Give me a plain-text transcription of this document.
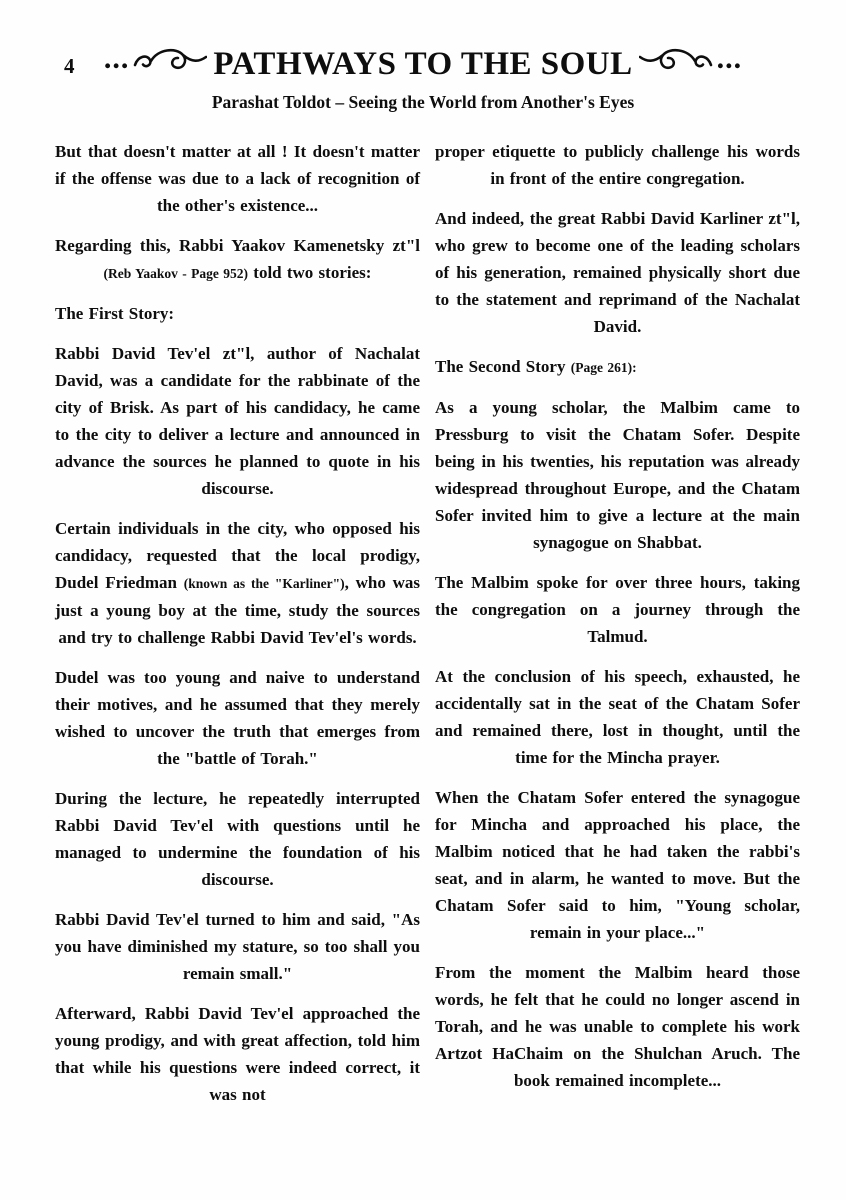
4 ...	PATHWAYS TO THE SOUL	...
Parashat Toldot – Seeing the World from Another's Eyes

But that doesn't matter at all ! It doesn't matter if the offense was due to a lack of recognition of the other's existence...

Regarding this, Rabbi Yaakov Kamenetsky zt"l (Reb Yaakov - Page 952) told two stories:

The First Story:

Rabbi David Tev'el zt"l, author of Nachalat David, was a candidate for the rabbinate of the city of Brisk. As part of his candidacy, he came to the city to deliver a lecture and announced in advance the sources he planned to quote in his discourse.

Certain individuals in the city, who opposed his candidacy, requested that the local prodigy, Dudel Friedman (known as the "Karliner"), who was just a young boy at the time, study the sources and try to challenge Rabbi David Tev'el's words.

Dudel was too young and naive to understand their motives, and he assumed that they merely wished to uncover the truth that emerges from the "battle of Torah."

During the lecture, he repeatedly interrupted Rabbi David Tev'el with questions until he managed to undermine the foundation of his discourse.

Rabbi David Tev'el turned to him and said, "As you have diminished my stature, so too shall you remain small."

Afterward, Rabbi David Tev'el approached the young prodigy, and with great affection, told him that while his questions were indeed correct, it was not

proper etiquette to publicly challenge his words in front of the entire congregation.

And indeed, the great Rabbi David Karliner zt"l, who grew to become one of the leading scholars of his generation, remained physically short due to the statement and reprimand of the Nachalat David.

The Second Story (Page 261):

As a young scholar, the Malbim came to Pressburg to visit the Chatam Sofer. Despite being in his twenties, his reputation was already widespread throughout Europe, and the Chatam Sofer invited him to give a lecture at the main synagogue on Shabbat.

The Malbim spoke for over three hours, taking the congregation on a journey through the Talmud.

At the conclusion of his speech, exhausted, he accidentally sat in the seat of the Chatam Sofer and remained there, lost in thought, until the time for the Mincha prayer.

When the Chatam Sofer entered the synagogue for Mincha and approached his place, the Malbim noticed that he had taken the rabbi's seat, and in alarm, he wanted to move. But the Chatam Sofer said to him, "Young scholar, remain in your place..."

From the moment the Malbim heard those words, he felt that he could no longer ascend in Torah, and he was unable to complete his work Artzot HaChaim on the Shulchan Aruch. The book remained incomplete...
